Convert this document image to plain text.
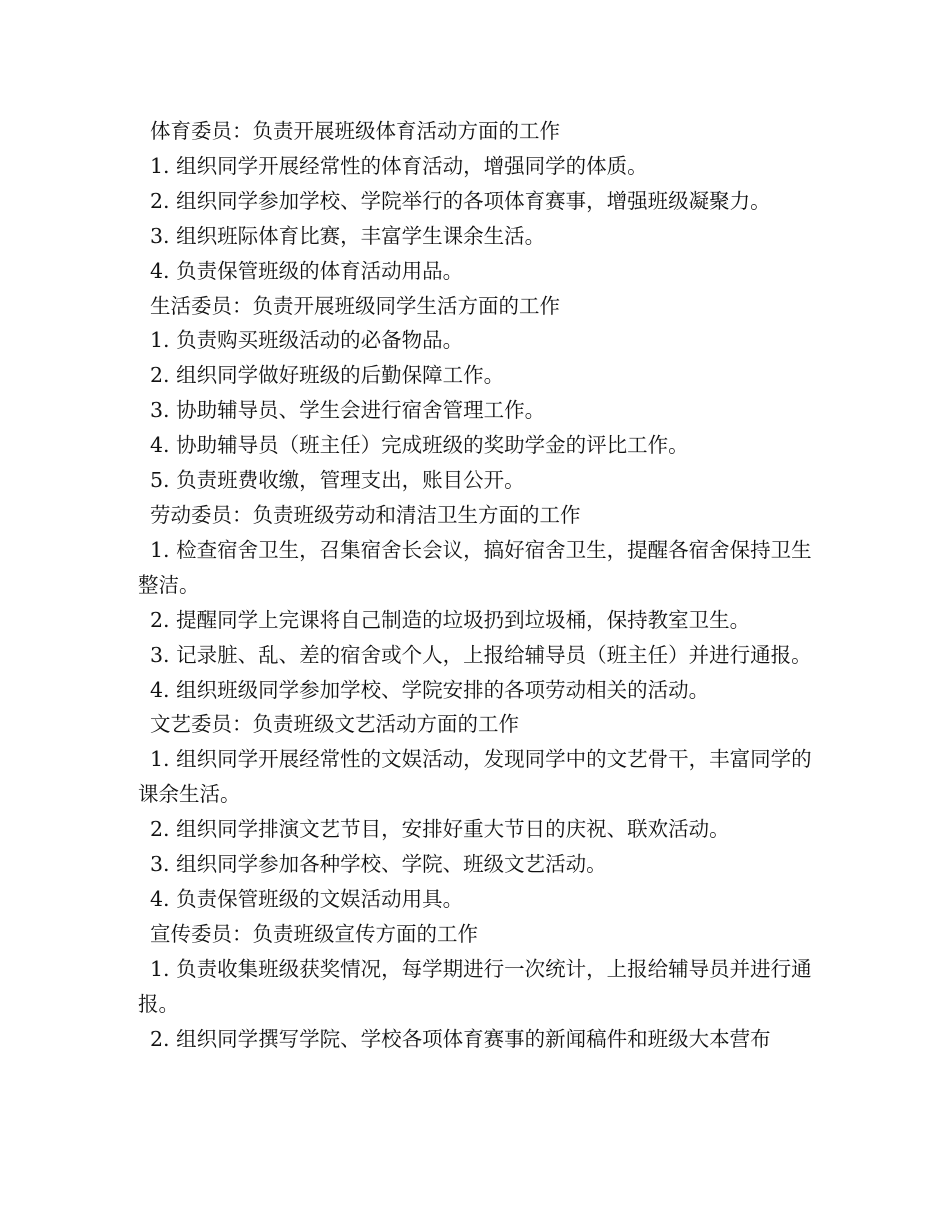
体育委员：负责开展班级体育活动方面的工作
1. 组织同学开展经常性的体育活动，增强同学的体质。
2. 组织同学参加学校、学院举行的各项体育赛事，增强班级凝聚力。
3. 组织班际体育比赛，丰富学生课余生活。
4. 负责保管班级的体育活动用品。
生活委员：负责开展班级同学生活方面的工作
1. 负责购买班级活动的必备物品。
2. 组织同学做好班级的后勤保障工作。
3. 协助辅导员、学生会进行宿舍管理工作。
4. 协助辅导员（班主任）完成班级的奖助学金的评比工作。
5. 负责班费收缴，管理支出，账目公开。
劳动委员：负责班级劳动和清洁卫生方面的工作
1. 检查宿舍卫生，召集宿舍长会议，搞好宿舍卫生，提醒各宿舍保持卫生整洁。
2. 提醒同学上完课将自己制造的垃圾扔到垃圾桶，保持教室卫生。
3. 记录脏、乱、差的宿舍或个人，上报给辅导员（班主任）并进行通报。
4. 组织班级同学参加学校、学院安排的各项劳动相关的活动。
文艺委员：负责班级文艺活动方面的工作
1. 组织同学开展经常性的文娱活动，发现同学中的文艺骨干，丰富同学的课余生活。
2. 组织同学排演文艺节目，安排好重大节日的庆祝、联欢活动。
3. 组织同学参加各种学校、学院、班级文艺活动。
4. 负责保管班级的文娱活动用具。
宣传委员：负责班级宣传方面的工作
1. 负责收集班级获奖情况，每学期进行一次统计，上报给辅导员并进行通报。
2. 组织同学撰写学院、学校各项体育赛事的新闻稿件和班级大本营布
